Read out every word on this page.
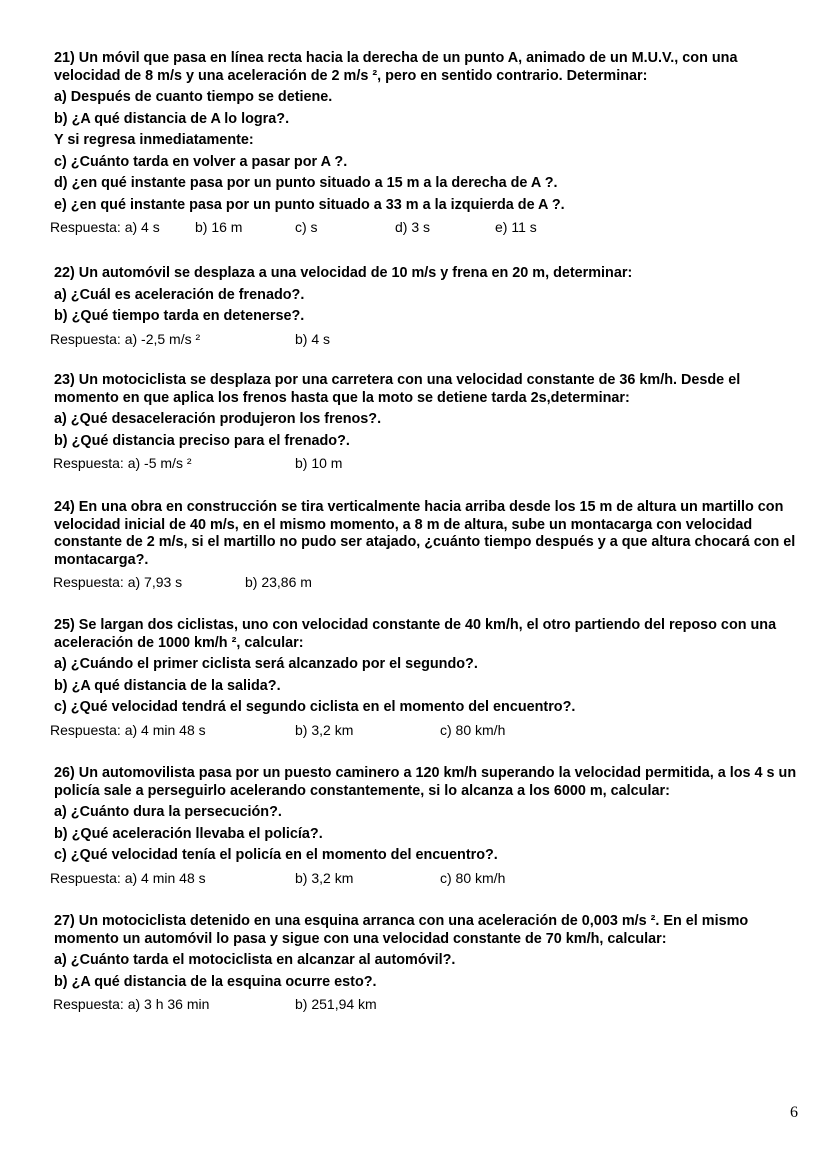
21) Un móvil que pasa en línea recta hacia la derecha de un punto A, animado de un M.U.V., con una velocidad de 8 m/s y una aceleración de 2 m/s ², pero en sentido contrario. Determinar:

a) Después de cuanto tiempo se detiene.
b) ¿A qué distancia de A lo logra?.
Y si regresa inmediatamente:
c) ¿Cuánto tarda en volver a pasar por A ?.
d) ¿en qué instante pasa por un punto situado a 15 m a la derecha de A ?.
e) ¿en qué instante pasa por un punto situado a 33 m a la izquierda de A ?.
Respuesta: a) 4 s	b) 16 m	c) s	d) 3 s	e) 11 s

22) Un automóvil se desplaza a una velocidad de 10 m/s y frena en 20 m, determinar:

a) ¿Cuál es aceleración de frenado?.
b) ¿Qué tiempo tarda en detenerse?.
Respuesta: a) -2,5 m/s ²	b) 4 s

23) Un motociclista se desplaza por una carretera con una velocidad constante de 36 km/h. Desde el momento en que aplica los frenos hasta que la moto se detiene tarda 2s,determinar:

a) ¿Qué desaceleración produjeron los frenos?.
b) ¿Qué distancia preciso para el frenado?.
Respuesta: a) -5 m/s ²	b) 10 m

24) En una obra en construcción se tira verticalmente hacia arriba desde los 15 m de altura un martillo con velocidad inicial de 40 m/s, en el mismo momento, a 8 m de altura, sube un montacarga con velocidad constante de 2 m/s, si el martillo no pudo ser atajado, ¿cuánto tiempo después y a que altura chocará con el montacarga?.

Respuesta: a) 7,93 s	b) 23,86 m

25) Se largan dos ciclistas, uno con velocidad constante de 40 km/h, el otro partiendo del reposo con una aceleración de 1000 km/h ², calcular:

a) ¿Cuándo el primer ciclista será alcanzado por el segundo?.
b) ¿A qué distancia de la salida?.
c) ¿Qué velocidad tendrá el segundo ciclista en el momento del encuentro?.
Respuesta: a) 4 min 48 s	b) 3,2 km	c) 80 km/h

26) Un automovilista pasa por un puesto caminero a 120 km/h superando la velocidad permitida, a los 4 s un policía sale a perseguirlo acelerando constantemente, si lo alcanza a los 6000 m, calcular:

a) ¿Cuánto dura la persecución?.
b) ¿Qué aceleración llevaba el policía?.
c) ¿Qué velocidad tenía el policía en el momento del encuentro?.
Respuesta: a) 4 min 48 s	b) 3,2 km	c) 80 km/h

27) Un motociclista detenido en una esquina arranca con una aceleración de 0,003 m/s ². En el mismo momento un automóvil lo pasa y sigue con una velocidad constante de 70 km/h, calcular:

a) ¿Cuánto tarda el motociclista en alcanzar al automóvil?.
b) ¿A qué distancia de la esquina ocurre esto?.
Respuesta: a) 3 h 36 min	b) 251,94 km
6
